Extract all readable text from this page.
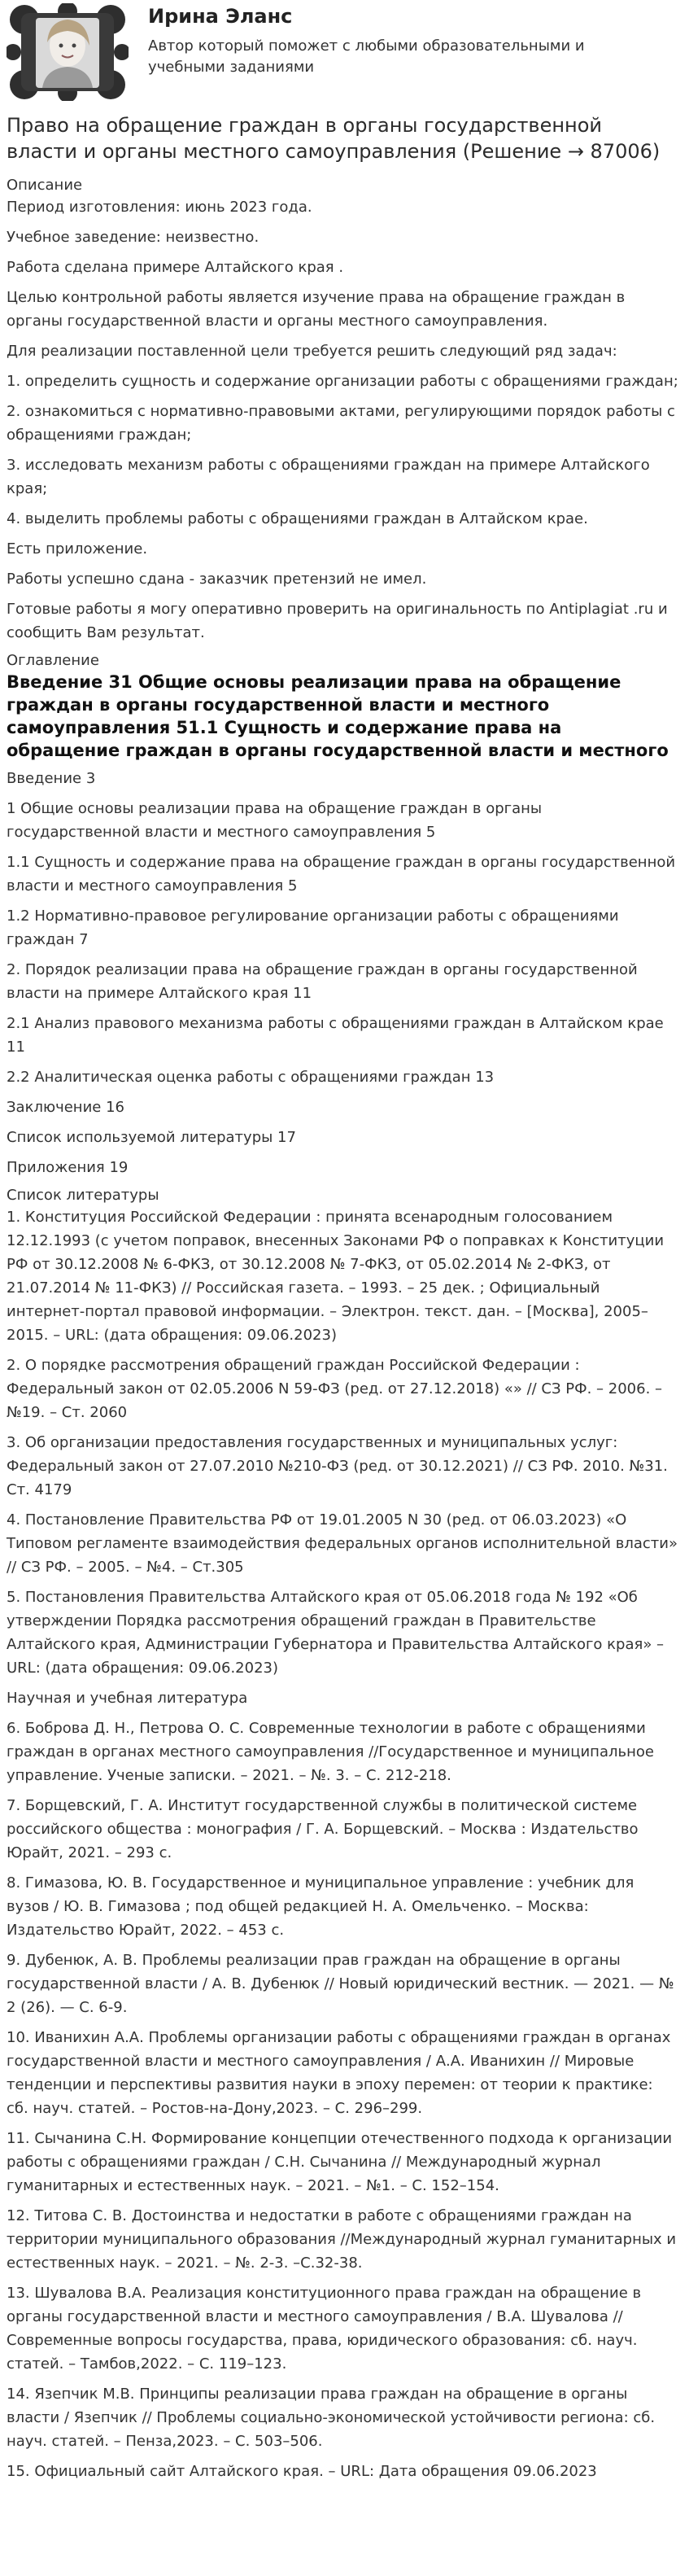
Ирина Эланс
Автор который поможет с любыми образовательными и учебными заданиями
Право на обращение граждан в органы государственной власти и органы местного самоуправления (Решение → 87006)
Описание

Период изготовления: июнь 2023 года.

Учебное заведение: неизвестно.

Работа сделана примере Алтайского края .

Целью контрольной работы является изучение права на обращение граждан в органы государственной власти и органы местного самоуправления.

Для реализации поставленной цели требуется решить следующий ряд задач:

1. определить сущность и содержание организации работы с обращениями граждан;

2. ознакомиться с нормативно-правовыми актами, регулирующими порядок работы с обращениями граждан;

3. исследовать механизм работы с обращениями граждан на примере Алтайского края;

4. выделить проблемы работы с обращениями граждан в Алтайском крае.

Есть приложение.

Работы успешно сдана - заказчик претензий не имел.

Готовые работы я могу оперативно проверить на оригинальность по Antiplagiat .ru и сообщить Вам результат.

Оглавление
Введение 31 Общие основы реализации права на обращение граждан в органы государственной власти и местного самоуправления 51.1 Сущность и содержание права на обращение граждан в органы государственной власти и местного

Введение 3

1 Общие основы реализации права на обращение граждан в органы государственной власти и местного самоуправления 5

1.1 Сущность и содержание права на обращение граждан в органы государственной власти и местного самоуправления 5

1.2 Нормативно-правовое регулирование организации работы с обращениями граждан 7

2. Порядок реализации права на обращение граждан в органы государственной власти на примере Алтайского края 11

2.1 Анализ правового механизма работы с обращениями граждан в Алтайском крае 11

2.2 Аналитическая оценка работы с обращениями граждан 13

Заключение 16

Список используемой литературы 17

Приложения 19

Список литературы

1. Конституция Российской Федерации : принята всенародным голосованием 12.12.1993 (с учетом поправок, внесенных Законами РФ о поправках к Конституции РФ от 30.12.2008 № 6-ФКЗ, от 30.12.2008 № 7-ФКЗ, от 05.02.2014 № 2-ФКЗ, от 21.07.2014 № 11-ФКЗ) // Российская газета. – 1993. – 25 дек. ; Официальный интернет-портал правовой информации. – Электрон. текст. дан. – [Москва], 2005–2015. – URL: (дата обращения: 09.06.2023)

2. О порядке рассмотрения обращений граждан Российской Федерации : Федеральный закон от 02.05.2006 N 59-ФЗ (ред. от 27.12.2018) «» // СЗ РФ. – 2006. – №19. – Ст. 2060

3. Об организации предоставления государственных и муниципальных услуг: Федеральный закон от 27.07.2010 №210-ФЗ (ред. от 30.12.2021) // СЗ РФ. 2010. №31. Ст. 4179

4. Постановление Правительства РФ от 19.01.2005 N 30 (ред. от 06.03.2023) «О Типовом регламенте взаимодействия федеральных органов исполнительной власти» // СЗ РФ. – 2005. – №4. – Ст.305

5. Постановления Правительства Алтайского края от 05.06.2018 года № 192 «Об утверждении Порядка рассмотрения обращений граждан в Правительстве Алтайского края, Администрации Губернатора и Правительства Алтайского края» – URL: (дата обращения: 09.06.2023)

Научная и учебная литература

6. Боброва Д. Н., Петрова О. С. Современные технологии в работе с обращениями граждан в органах местного самоуправления //Государственное и муниципальное управление. Ученые записки. – 2021. – №. 3. – С. 212-218.

7. Борщевский, Г. А. Институт государственной службы в политической системе российского общества : монография / Г. А. Борщевский. – Москва : Издательство Юрайт, 2021. – 293 с.

8. Гимазова, Ю. В. Государственное и муниципальное управление : учебник для вузов / Ю. В. Гимазова ; под общей редакцией Н. А. Омельченко. – Москва: Издательство Юрайт, 2022. – 453 с.

9. Дубенюк, А. В. Проблемы реализации прав граждан на обращение в органы государственной власти / А. В. Дубенюк // Новый юридический вестник. — 2021. — № 2 (26). — С. 6-9.

10. Иванихин А.А. Проблемы организации работы с обращениями граждан в органах государственной власти и местного самоуправления / А.А. Иванихин // Мировые тенденции и перспективы развития науки в эпоху перемен: от теории к практике: сб. науч. статей. – Ростов-на-Дону,2023. – С. 296–299.

11. Сычанина С.Н. Формирование концепции отечественного подхода к организации работы с обращениями граждан / С.Н. Сычанина // Международный журнал гуманитарных и естественных наук. – 2021. – №1. – С. 152–154.

12. Титова С. В. Достоинства и недостатки в работе с обращениями граждан на территории муниципального образования //Международный журнал гуманитарных и естественных наук. – 2021. – №. 2-3. –С.32-38.

13. Шувалова В.А. Реализация конституционного права граждан на обращение в органы государственной власти и местного самоуправления / В.А. Шувалова // Современные вопросы государства, права, юридического образования: сб. науч. статей. – Тамбов,2022. – С. 119–123.

14. Язепчик М.В. Принципы реализации права граждан на обращение в органы власти / Язепчик // Проблемы социально-экономической устойчивости региона: сб. науч. статей. – Пенза,2023. – С. 503–506.

15. Официальный сайт Алтайского края. – URL: Дата обращения 09.06.2023
